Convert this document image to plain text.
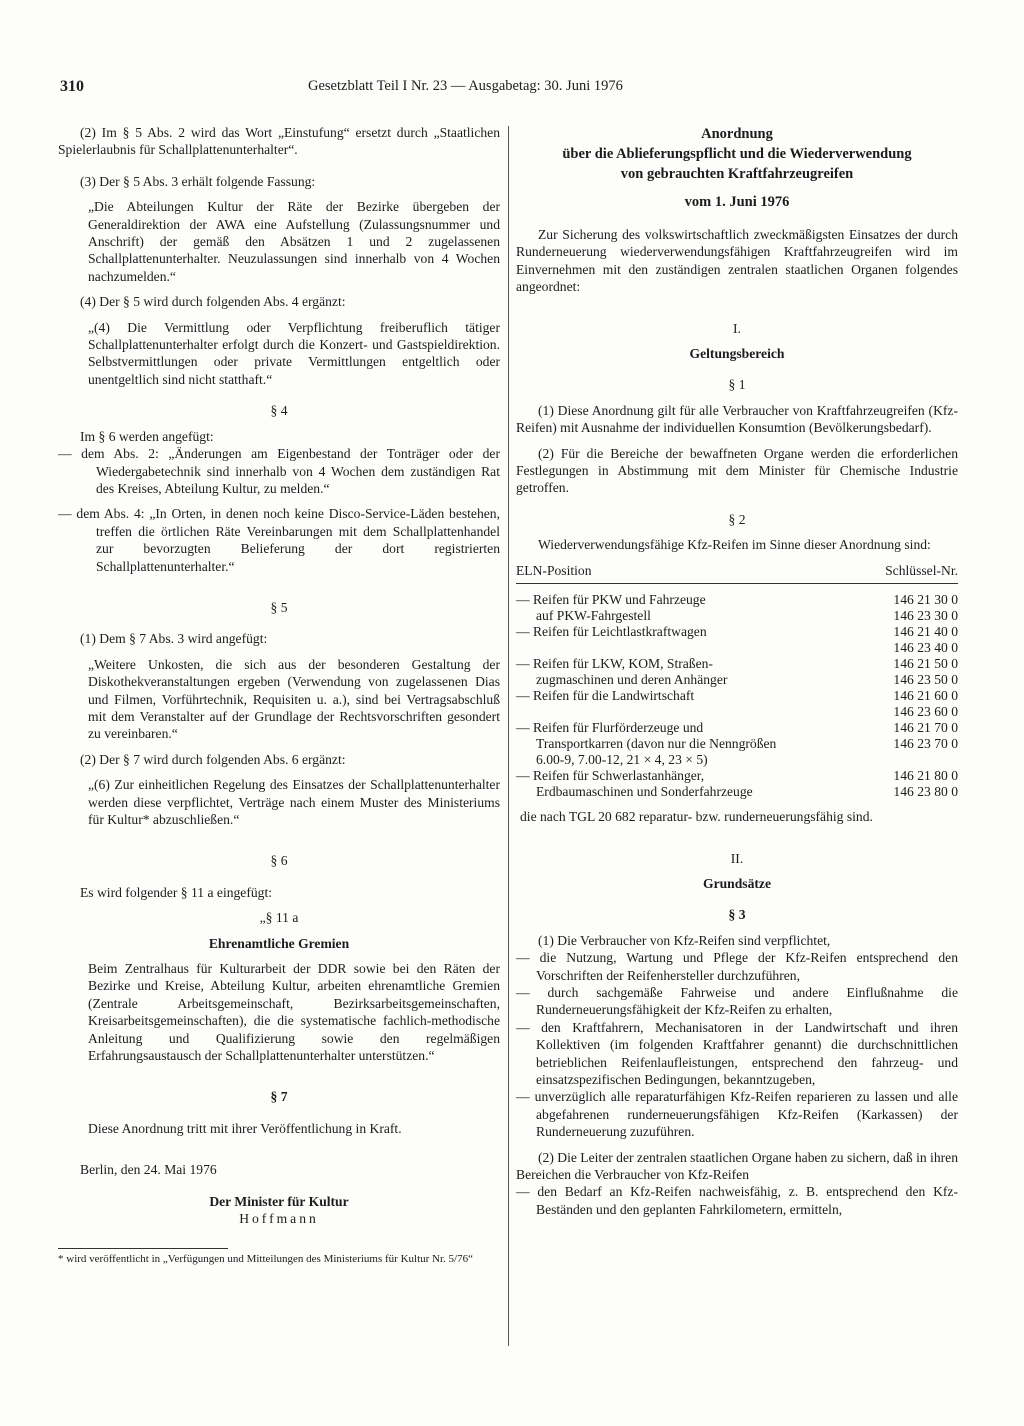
310	Gesetzblatt Teil I Nr. 23 — Ausgabetag: 30. Juni 1976

(2) Im § 5 Abs. 2 wird das Wort „Einstufung“ ersetzt durch „Staatlichen Spielerlaubnis für Schallplattenunterhalter“.

(3) Der § 5 Abs. 3 erhält folgende Fassung:

„Die Abteilungen Kultur der Räte der Bezirke übergeben der Generaldirektion der AWA eine Aufstellung (Zulassungsnummer und Anschrift) der gemäß den Absätzen 1 und 2 zugelassenen Schallplattenunterhalter. Neuzulassungen sind innerhalb von 4 Wochen nachzumelden.“

(4) Der § 5 wird durch folgenden Abs. 4 ergänzt:

„(4) Die Vermittlung oder Verpflichtung freiberuflich tätiger Schallplattenunterhalter erfolgt durch die Konzert- und Gastspieldirektion. Selbstvermittlungen oder private Vermittlungen entgeltlich oder unentgeltlich sind nicht statthaft.“

§ 4

Im § 6 werden angefügt:

— dem Abs. 2: „Änderungen am Eigenbestand der Tonträger oder der Wiedergabetechnik sind innerhalb von 4 Wochen dem zuständigen Rat des Kreises, Abteilung Kultur, zu melden.“

— dem Abs. 4: „In Orten, in denen noch keine Disco-Service-Läden bestehen, treffen die örtlichen Räte Vereinbarungen mit dem Schallplattenhandel zur bevorzugten Belieferung der dort registrierten Schallplattenunterhalter.“

§ 5

(1) Dem § 7 Abs. 3 wird angefügt:

„Weitere Unkosten, die sich aus der besonderen Gestaltung der Diskothekveranstaltungen ergeben (Verwendung von zugelassenen Dias und Filmen, Vorführtechnik, Requisiten u. a.), sind bei Vertragsabschluß mit dem Veranstalter auf der Grundlage der Rechtsvorschriften gesondert zu vereinbaren.“

(2) Der § 7 wird durch folgenden Abs. 6 ergänzt:

„(6) Zur einheitlichen Regelung des Einsatzes der Schallplattenunterhalter werden diese verpflichtet, Verträge nach einem Muster des Ministeriums für Kultur* abzuschließen.“

§ 6

Es wird folgender § 11 a eingefügt:

„§ 11 a

Ehrenamtliche Gremien

Beim Zentralhaus für Kulturarbeit der DDR sowie bei den Räten der Bezirke und Kreise, Abteilung Kultur, arbeiten ehrenamtliche Gremien (Zentrale Arbeitsgemeinschaft, Bezirksarbeitsgemeinschaften, Kreisarbeitsgemeinschaften), die die systematische fachlich-methodische Anleitung und Qualifizierung sowie den regelmäßigen Erfahrungsaustausch der Schallplattenunterhalter unterstützen.“

§ 7

Diese Anordnung tritt mit ihrer Veröffentlichung in Kraft.

Berlin, den 24. Mai 1976

Der Minister für Kultur

Hoffmann

* wird veröffentlicht in „Verfügungen und Mitteilungen des Ministeriums für Kultur Nr. 5/76“

Anordnung

über die Ablieferungspflicht und die Wiederverwendung

von gebrauchten Kraftfahrzeugreifen

vom 1. Juni 1976

Zur Sicherung des volkswirtschaftlich zweckmäßigsten Einsatzes der durch Runderneuerung wiederverwendungsfähigen Kraftfahrzeugreifen wird im Einvernehmen mit den zuständigen zentralen staatlichen Organen folgendes angeordnet:

I.

Geltungsbereich

§ 1

(1) Diese Anordnung gilt für alle Verbraucher von Kraftfahrzeugreifen (Kfz-Reifen) mit Ausnahme der individuellen Konsumtion (Bevölkerungsbedarf).

(2) Für die Bereiche der bewaffneten Organe werden die erforderlichen Festlegungen in Abstimmung mit dem Minister für Chemische Industrie getroffen.

§ 2

Wiederverwendungsfähige Kfz-Reifen im Sinne dieser Anordnung sind:

ELN-Position	Schlüssel-Nr.
— Reifen für PKW und Fahrzeuge	146 21 30 0
auf PKW-Fahrgestell	146 23 30 0
— Reifen für Leichtlastkraftwagen	146 21 40 0
	146 23 40 0
— Reifen für LKW, KOM, Straßen-	146 21 50 0
zugmaschinen und deren Anhänger	146 23 50 0
— Reifen für die Landwirtschaft	146 21 60 0
	146 23 60 0
— Reifen für Flurförderzeuge und	146 21 70 0
Transportkarren (davon nur die Nenngrößen	146 23 70 0
6.00-9, 7.00-12, 21 × 4, 23 × 5)	
— Reifen für Schwerlastanhänger,	146 21 80 0
Erdbaumaschinen und Sonderfahrzeuge	146 23 80 0

die nach TGL 20 682 reparatur- bzw. runderneuerungsfähig sind.

II.

Grundsätze

§ 3

(1) Die Verbraucher von Kfz-Reifen sind verpflichtet,

— die Nutzung, Wartung und Pflege der Kfz-Reifen entsprechend den Vorschriften der Reifenhersteller durchzuführen,

— durch sachgemäße Fahrweise und andere Einflußnahme die Runderneuerungsfähigkeit der Kfz-Reifen zu erhalten,

— den Kraftfahrern, Mechanisatoren in der Landwirtschaft und ihren Kollektiven (im folgenden Kraftfahrer genannt) die durchschnittlichen betrieblichen Reifenlaufleistungen, entsprechend den fahrzeug- und einsatzspezifischen Bedingungen, bekanntzugeben,

— unverzüglich alle reparaturfähigen Kfz-Reifen reparieren zu lassen und alle abgefahrenen runderneuerungsfähigen Kfz-Reifen (Karkassen) der Runderneuerung zuzuführen.

(2) Die Leiter der zentralen staatlichen Organe haben zu sichern, daß in ihren Bereichen die Verbraucher von Kfz-Reifen

— den Bedarf an Kfz-Reifen nachweisfähig, z. B. entsprechend den Kfz-Beständen und den geplanten Fahrkilometern, ermitteln,
